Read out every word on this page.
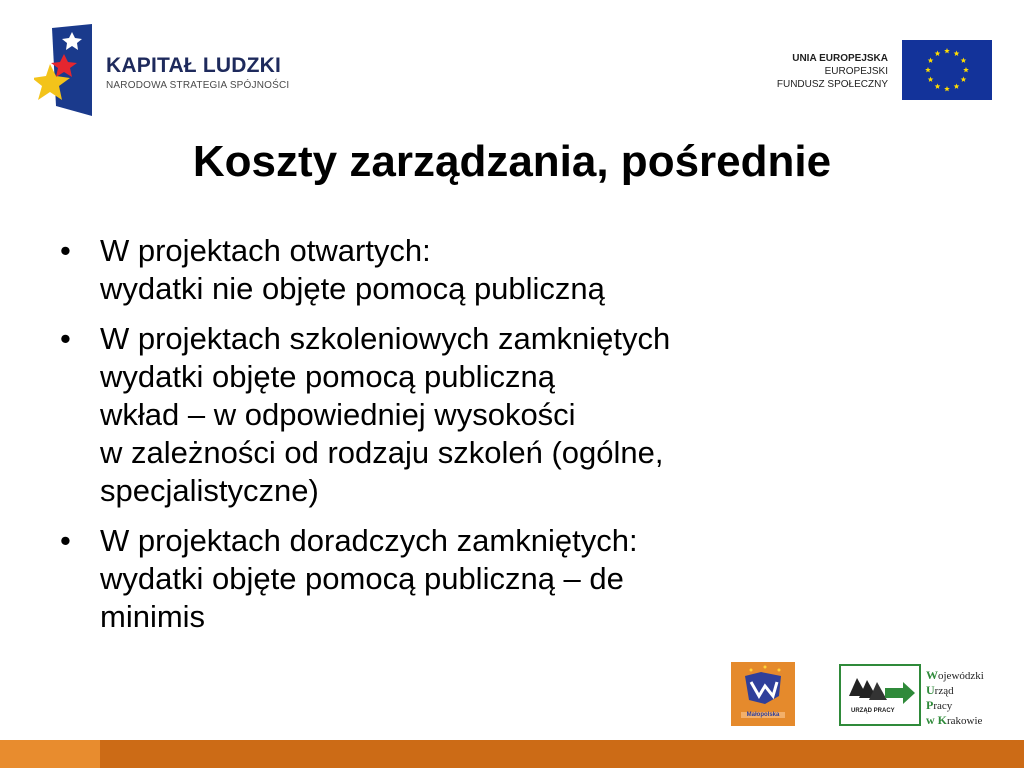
KAPITAŁ LUDZKI
NARODOWA STRATEGIA SPÓJNOŚCI
UNIA EUROPEJSKA
EUROPEJSKI
FUNDUSZ SPOŁECZNY
Koszty zarządzania, pośrednie
• W projektach otwartych:
wydatki nie objęte pomocą publiczną
• W projektach szkoleniowych zamkniętych
wydatki objęte pomocą publiczną
wkład – w odpowiedniej wysokości
w zależności od rodzaju szkoleń (ogólne,
specjalistyczne)
• W projektach doradczych zamkniętych:
wydatki objęte pomocą publiczną – de
minimis
Małopolska
URZĄD PRACY
Wojewódzki
Urząd
Pracy
w Krakowie
